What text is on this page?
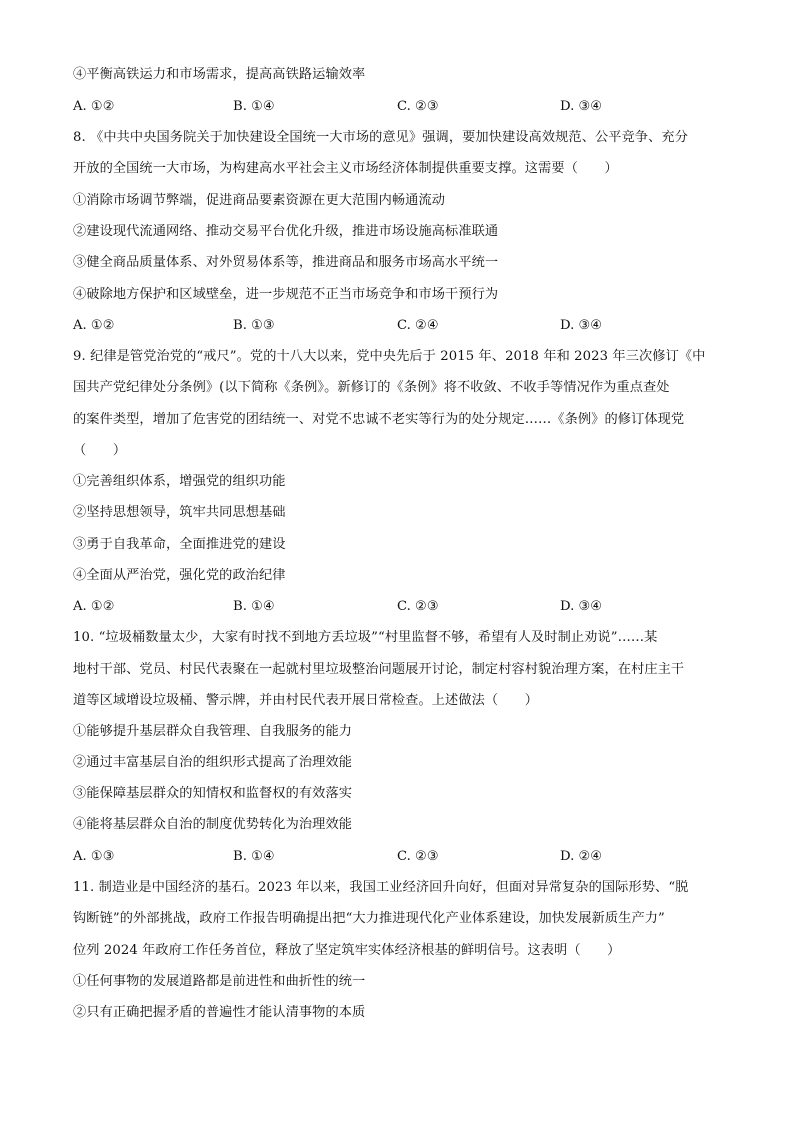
④平衡高铁运力和市场需求，提高高铁路运输效率
A. ①②	B. ①④	C. ②③	D. ③④
8. 《中共中央国务院关于加快建设全国统一大市场的意见》强调，要加快建设高效规范、公平竞争、充分
开放的全国统一大市场，为构建高水平社会主义市场经济体制提供重要支撑。这需要（　　）
①消除市场调节弊端，促进商品要素资源在更大范围内畅通流动
②建设现代流通网络、推动交易平台优化升级，推进市场设施高标准联通
③健全商品质量体系、对外贸易体系等，推进商品和服务市场高水平统一
④破除地方保护和区域壁垒，进一步规范不正当市场竞争和市场干预行为
A. ①②	B. ①③	C. ②④	D. ③④
9. 纪律是管党治党的“戒尺”。党的十八大以来，党中央先后于 2015 年、2018 年和 2023 年三次修订《中
国共产党纪律处分条例》(以下简称《条例》。新修订的《条例》将不收敛、不收手等情况作为重点查处
的案件类型，增加了危害党的团结统一、对党不忠诚不老实等行为的处分规定……《条例》的修订体现党
（　　）
①完善组织体系，增强党的组织功能
②坚持思想领导，筑牢共同思想基础
③勇于自我革命，全面推进党的建设
④全面从严治党，强化党的政治纪律
A. ①②	B. ①④	C. ②③	D. ③④
10. “垃圾桶数量太少，大家有时找不到地方丢垃圾”“村里监督不够，希望有人及时制止劝说”……某
地村干部、党员、村民代表聚在一起就村里垃圾整治问题展开讨论，制定村容村貌治理方案，在村庄主干
道等区域增设垃圾桶、警示牌，并由村民代表开展日常检查。上述做法（　　）
①能够提升基层群众自我管理、自我服务的能力
②通过丰富基层自治的组织形式提高了治理效能
③能保障基层群众的知情权和监督权的有效落实
④能将基层群众自治的制度优势转化为治理效能
A. ①③	B. ①④	C. ②③	D. ②④
11. 制造业是中国经济的基石。2023 年以来，我国工业经济回升向好，但面对异常复杂的国际形势、“脱
钩断链”的外部挑战，政府工作报告明确提出把“大力推进现代化产业体系建设，加快发展新质生产力”
位列 2024 年政府工作任务首位，释放了坚定筑牢实体经济根基的鲜明信号。这表明（　　）
①任何事物的发展道路都是前进性和曲折性的统一
②只有正确把握矛盾的普遍性才能认清事物的本质
